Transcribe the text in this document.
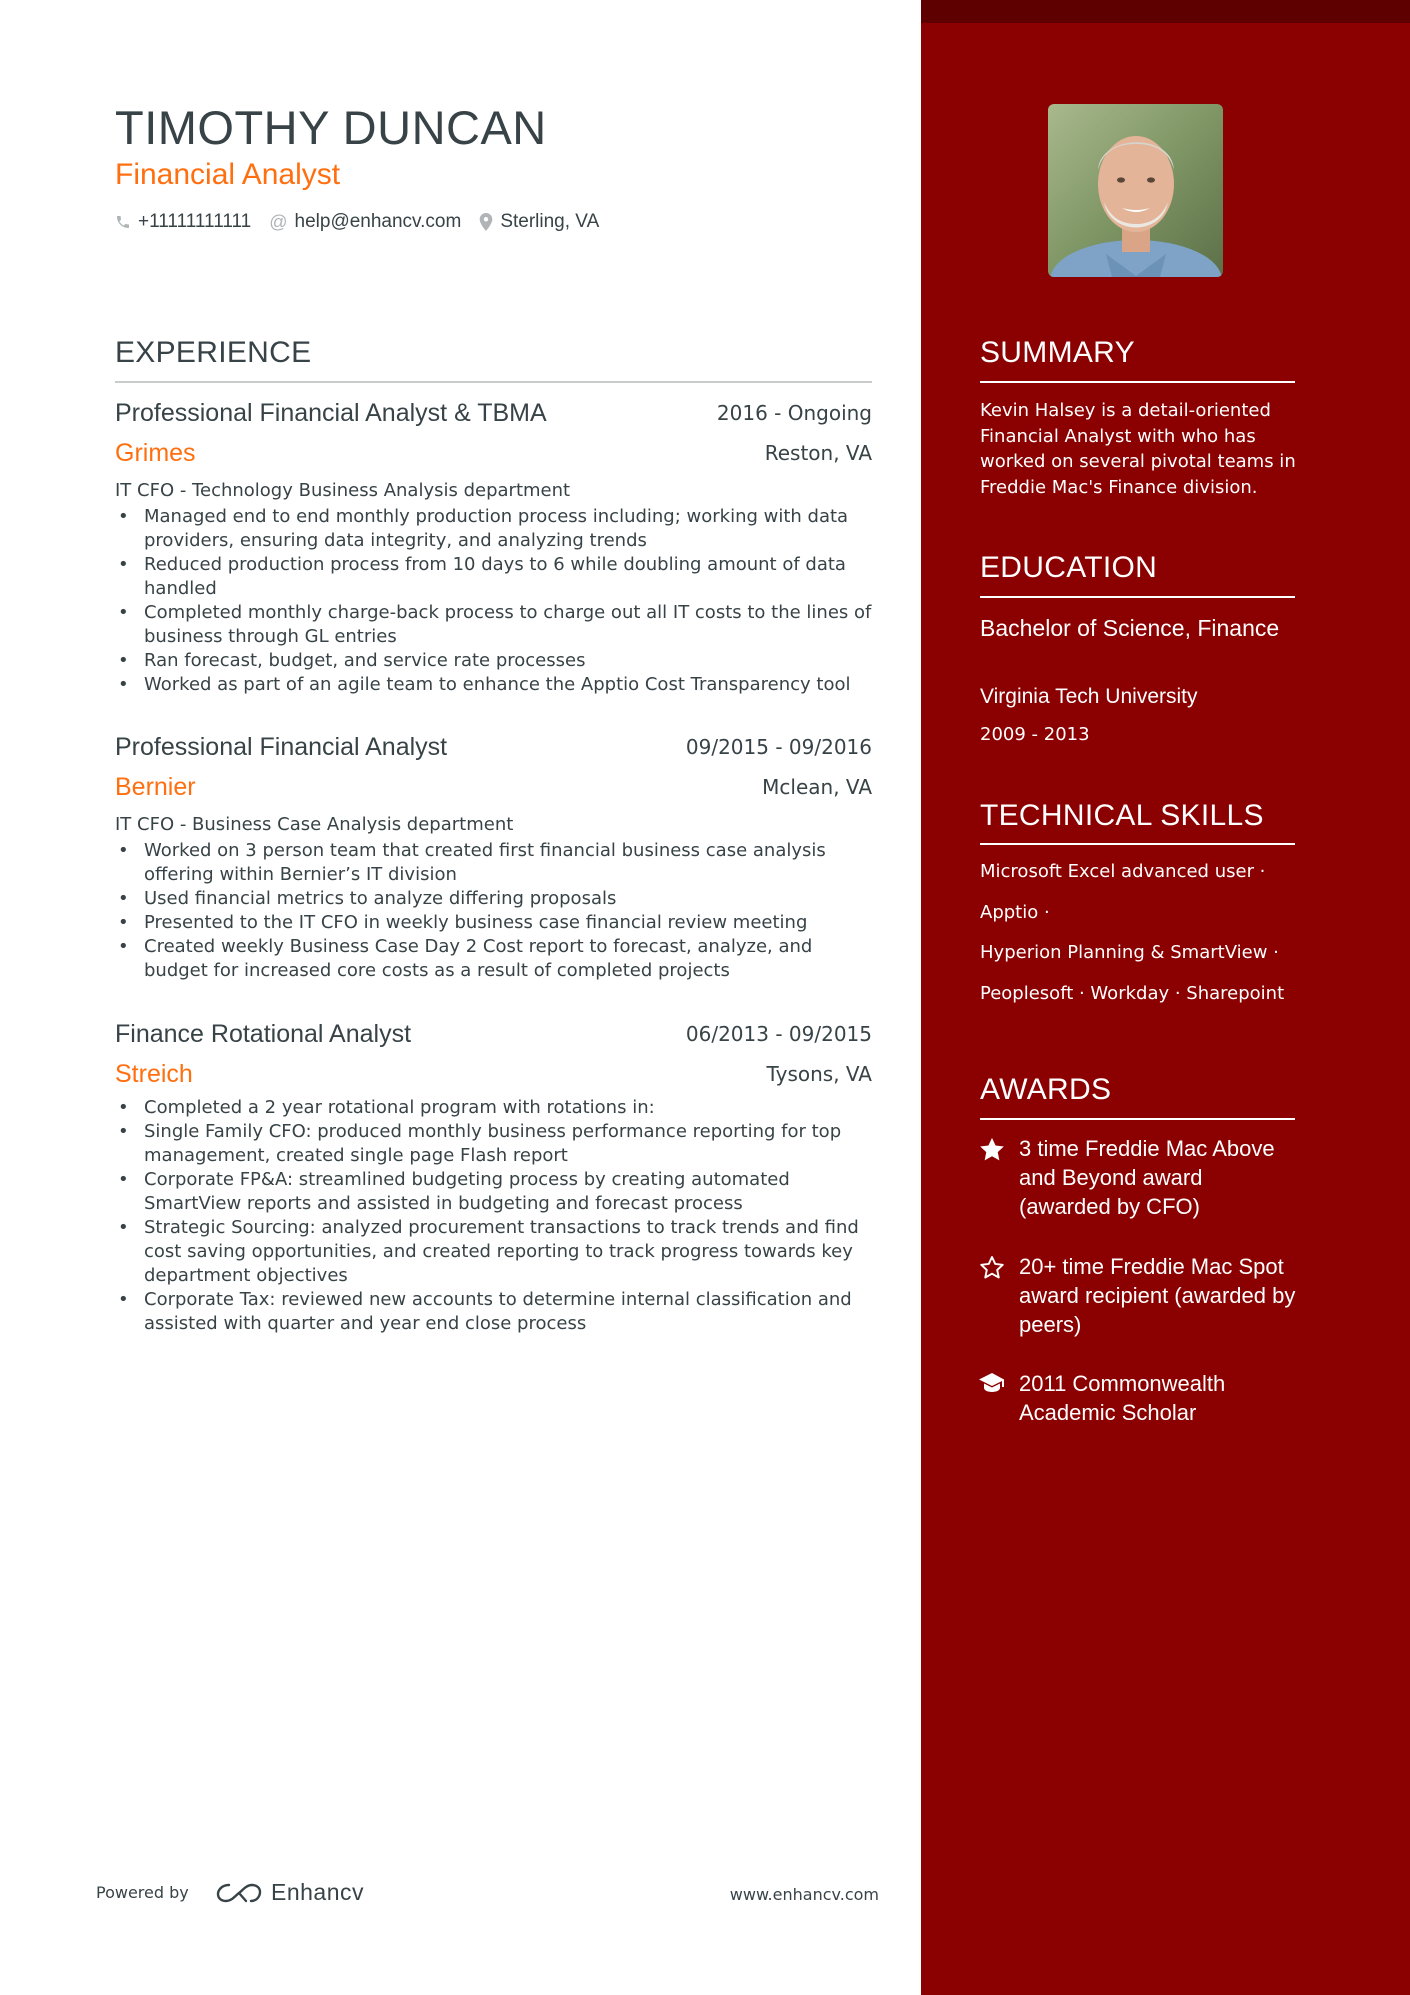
TIMOTHY DUNCAN
Financial Analyst
+11111111111 @ help@enhancv.com Sterling, VA
EXPERIENCE
Professional Financial Analyst & TBMA	2016 - Ongoing
Grimes	Reston, VA
IT CFO - Technology Business Analysis department
• Managed end to end monthly production process including; working with data providers, ensuring data integrity, and analyzing trends
• Reduced production process from 10 days to 6 while doubling amount of data handled
• Completed monthly charge-back process to charge out all IT costs to the lines of business through GL entries
• Ran forecast, budget, and service rate processes
• Worked as part of an agile team to enhance the Apptio Cost Transparency tool
Professional Financial Analyst	09/2015 - 09/2016
Bernier	Mclean, VA
IT CFO - Business Case Analysis department
• Worked on 3 person team that created first financial business case analysis offering within Bernier’s IT division
• Used financial metrics to analyze differing proposals
• Presented to the IT CFO in weekly business case financial review meeting
• Created weekly Business Case Day 2 Cost report to forecast, analyze, and budget for increased core costs as a result of completed projects
Finance Rotational Analyst	06/2013 - 09/2015
Streich	Tysons, VA
• Completed a 2 year rotational program with rotations in:
• Single Family CFO: produced monthly business performance reporting for top management, created single page Flash report
• Corporate FP&A: streamlined budgeting process by creating automated SmartView reports and assisted in budgeting and forecast process
• Strategic Sourcing: analyzed procurement transactions to track trends and find cost saving opportunities, and created reporting to track progress towards key department objectives
• Corporate Tax: reviewed new accounts to determine internal classification and assisted with quarter and year end close process
SUMMARY
Kevin Halsey is a detail-oriented Financial Analyst with who has worked on several pivotal teams in Freddie Mac's Finance division.
EDUCATION
Bachelor of Science, Finance
Virginia Tech University
2009 - 2013
TECHNICAL SKILLS
Microsoft Excel advanced user ·
Apptio ·
Hyperion Planning & SmartView ·
Peoplesoft · Workday · Sharepoint
AWARDS
3 time Freddie Mac Above and Beyond award (awarded by CFO)
20+ time Freddie Mac Spot award recipient (awarded by peers)
2011 Commonwealth Academic Scholar
Powered by	Enhancv	www.enhancv.com
